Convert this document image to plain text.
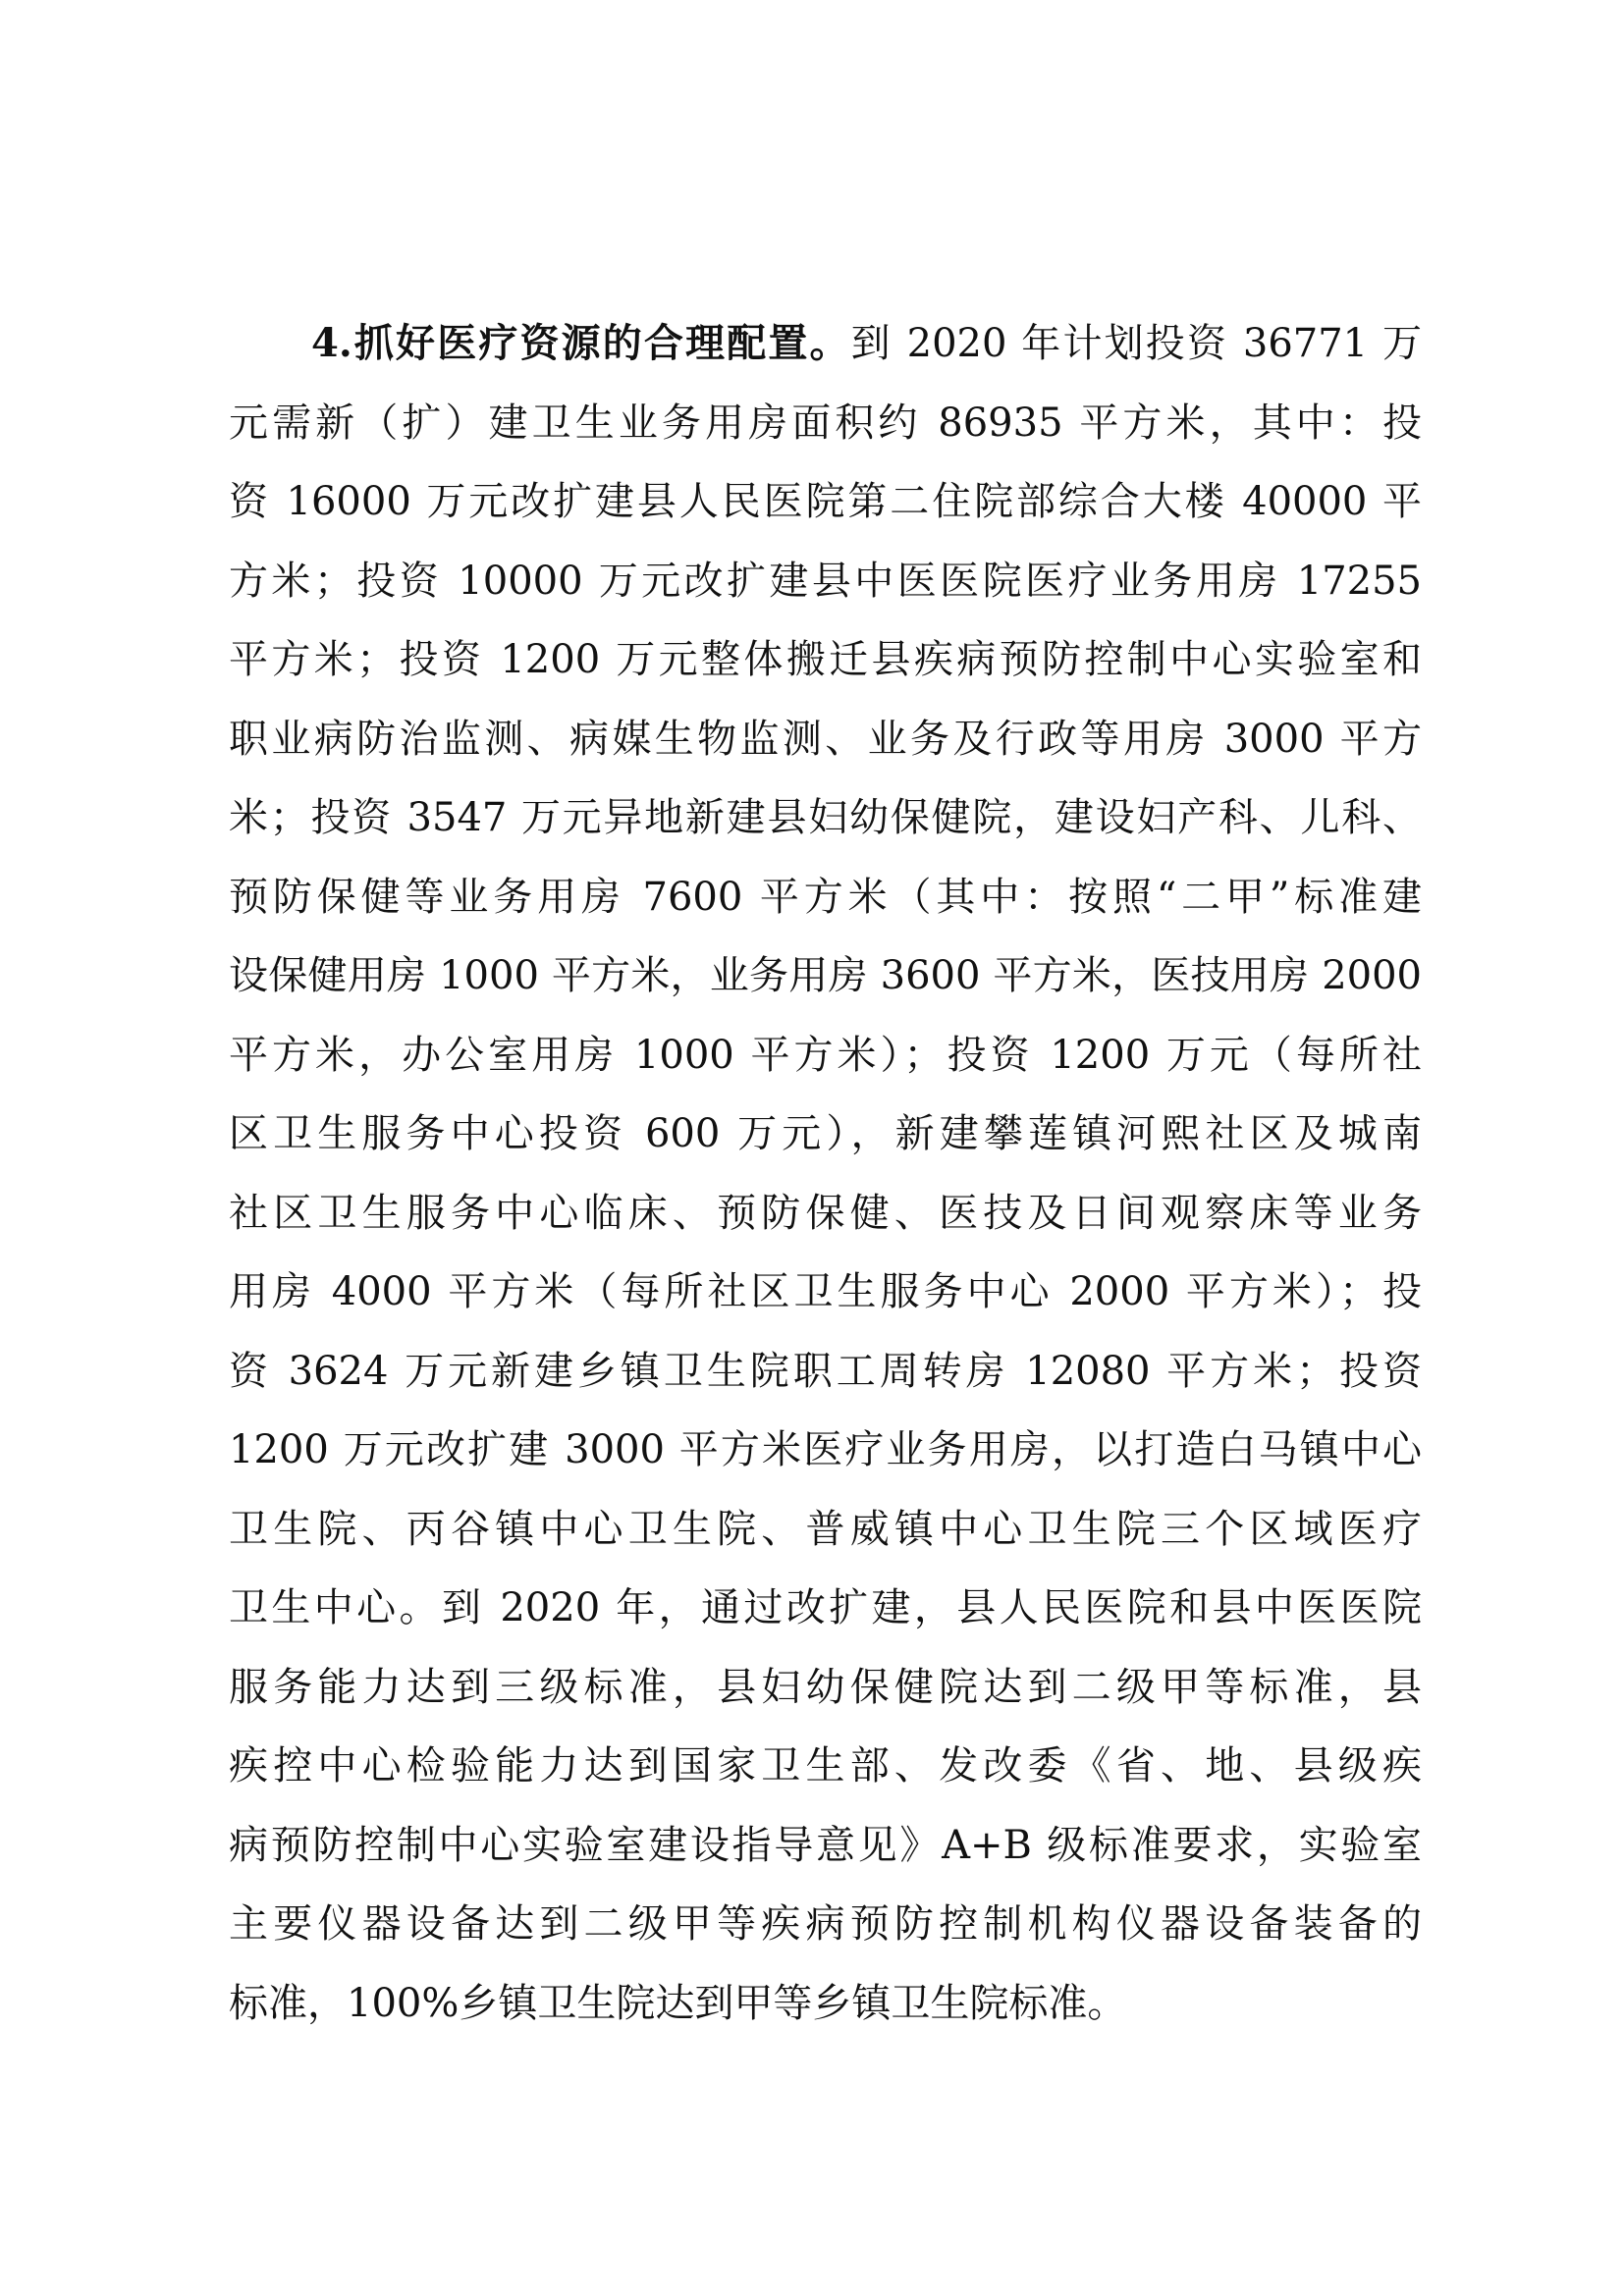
4.抓好医疗资源的合理配置。到 2020 年计划投资 36771 万
元需新（扩）建卫生业务用房面积约 86935 平方米，其中：投
资 16000 万元改扩建县人民医院第二住院部综合大楼 40000 平
方米；投资 10000 万元改扩建县中医医院医疗业务用房 17255
平方米；投资 1200 万元整体搬迁县疾病预防控制中心实验室和
职业病防治监测、病媒生物监测、业务及行政等用房 3000 平方
米；投资 3547 万元异地新建县妇幼保健院，建设妇产科、儿科、
预防保健等业务用房 7600 平方米（其中：按照“二甲”标准建
设保健用房 1000 平方米，业务用房 3600 平方米，医技用房 2000
平方米，办公室用房 1000 平方米）；投资 1200 万元（每所社
区卫生服务中心投资 600 万元），新建攀莲镇河熙社区及城南
社区卫生服务中心临床、预防保健、医技及日间观察床等业务
用房 4000 平方米（每所社区卫生服务中心 2000 平方米）；投
资 3624 万元新建乡镇卫生院职工周转房 12080 平方米；投资
1200 万元改扩建 3000 平方米医疗业务用房，以打造白马镇中心
卫生院、丙谷镇中心卫生院、普威镇中心卫生院三个区域医疗
卫生中心。到 2020 年，通过改扩建，县人民医院和县中医医院
服务能力达到三级标准，县妇幼保健院达到二级甲等标准，县
疾控中心检验能力达到国家卫生部、发改委《省、地、县级疾
病预防控制中心实验室建设指导意见》A+B 级标准要求，实验室
主要仪器设备达到二级甲等疾病预防控制机构仪器设备装备的
标准，100%乡镇卫生院达到甲等乡镇卫生院标准。
